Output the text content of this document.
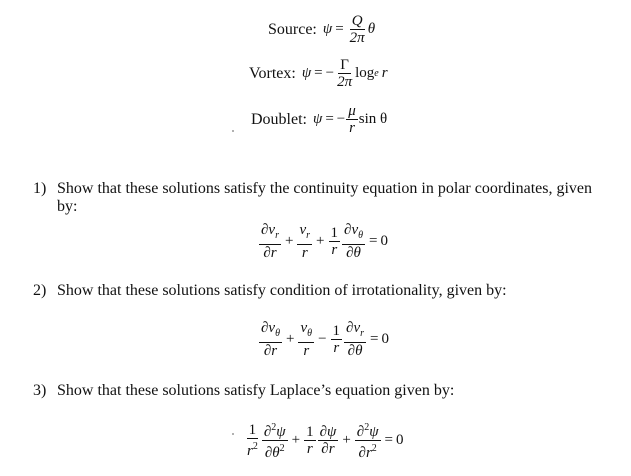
Source: $\psi = \frac{Q}{2\pi}$ θ
Vortex: ψ = − $\frac{\Gamma}{2\pi}$ log e r
Doublet: ψ = − $\frac{\mu}{r}$ sin θ
1) Show that these solutions satisfy the continuity equation in polar coordinates, given
by:
$\frac{\partial v_r}{\partial r} + \frac{v_r}{r} + \frac{1}{r} \frac{\partial v_\theta}{\partial\theta} = 0$
2) Show that these solutions satisfy condition of irrotationality, given by:
$\frac{\partial v_\theta}{\partial r} + \frac{v_\theta}{r} - \frac{1}{r} \frac{\partial v_r}{\partial\theta} = 0$
3) Show that these solutions satisfy Laplace’s equation given by:
$\frac{1}{r^2} \frac{\partial^2\psi}{\partial\theta^2} + \frac{1}{r} \frac{\partial\psi}{\partial r} + \frac{\partial^2\psi}{\partial r^2} = 0$
